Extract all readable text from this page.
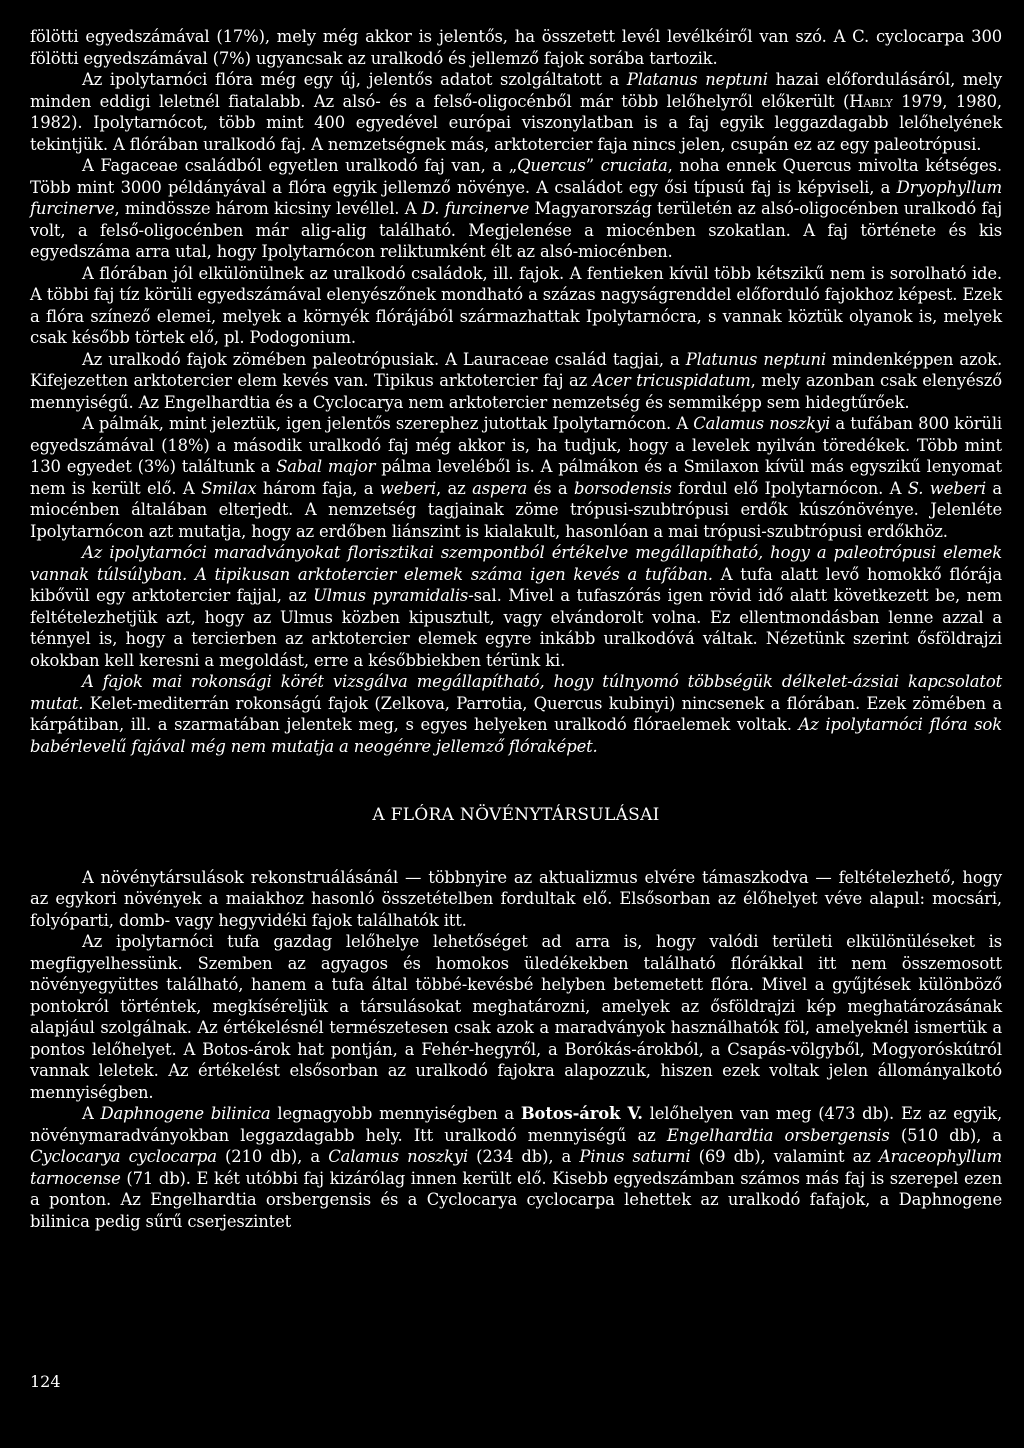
fölötti egyedszámával (17%), mely még akkor is jelentős, ha összetett levél levélkéiről van szó. A C. cyclocarpa 300 fölötti egyedszámával (7%) ugyancsak az uralkodó és jellemző fajok sorába tartozik.

Az ipolytarnóci flóra még egy új, jelentős adatot szolgáltatott a Platanus neptuni hazai előfordulásáról, mely minden eddigi leletnél fiatalabb. Az alsó- és a felső-oligocénből már több lelőhelyről előkerült (Hably 1979, 1980, 1982). Ipolytarnócot, több mint 400 egyedével európai viszonylatban is a faj egyik leggazdagabb lelőhelyének tekintjük. A flórában uralkodó faj. A nemzetségnek más, arktotercier faja nincs jelen, csupán ez az egy paleotrópusi.

A Fagaceae családból egyetlen uralkodó faj van, a „Quercus” cruciata, noha ennek Quercus mivolta kétséges. Több mint 3000 példányával a flóra egyik jellemző növénye. A családot egy ősi típusú faj is képviseli, a Dryophyllum furcinerve, mindössze három kicsiny levéllel. A D. furcinerve Magyarország területén az alsó-oligocénben uralkodó faj volt, a felső-oligocénben már alig-alig található. Megjelenése a miocénben szokatlan. A faj története és kis egyedszáma arra utal, hogy Ipolytarnócon reliktumként élt az alsó-miocénben.

A flórában jól elkülönülnek az uralkodó családok, ill. fajok. A fentieken kívül több kétszikű nem is sorolható ide. A többi faj tíz körüli egyedszámával elenyészőnek mondható a százas nagyságrenddel előforduló fajokhoz képest. Ezek a flóra színező elemei, melyek a környék flórájából származhattak Ipolytarnócra, s vannak köztük olyanok is, melyek csak később törtek elő, pl. Podogonium.

Az uralkodó fajok zömében paleotrópusiak. A Lauraceae család tagjai, a Platunus neptuni mindenképpen azok. Kifejezetten arktotercier elem kevés van. Tipikus arktotercier faj az Acer tricuspidatum, mely azonban csak elenyésző mennyiségű. Az Engelhardtia és a Cyclocarya nem arktotercier nemzetség és semmiképp sem hidegtűrőek.

A pálmák, mint jeleztük, igen jelentős szerephez jutottak Ipolytarnócon. A Calamus noszkyi a tufában 800 körüli egyedszámával (18%) a második uralkodó faj még akkor is, ha tudjuk, hogy a levelek nyilván töredékek. Több mint 130 egyedet (3%) találtunk a Sabal major pálma leveléből is. A pálmákon és a Smilaxon kívül más egyszikű lenyomat nem is került elő. A Smilax három faja, a weberi, az aspera és a borsodensis fordul elő Ipolytarnócon. A S. weberi a miocénben általában elterjedt. A nemzetség tagjainak zöme trópusi-szubtrópusi erdők kúszónövénye. Jelenléte Ipolytarnócon azt mutatja, hogy az erdőben liánszint is kialakult, hasonlóan a mai trópusi-szubtrópusi erdőkhöz.

Az ipolytarnóci maradványokat florisztikai szempontból értékelve megállapítható, hogy a paleotrópusi elemek vannak túlsúlyban. A tipikusan arktotercier elemek száma igen kevés a tufában. A tufa alatt levő homokkő flórája kibővül egy arktotercier fajjal, az Ulmus pyramidalis-sal. Mivel a tufaszórás igen rövid idő alatt következett be, nem feltételezhetjük azt, hogy az Ulmus közben kipusztult, vagy elvándorolt volna. Ez ellentmondásban lenne azzal a ténnyel is, hogy a tercierben az arktotercier elemek egyre inkább uralkodóvá váltak. Nézetünk szerint ősföldrajzi okokban kell keresni a megoldást, erre a későbbiekben térünk ki.

A fajok mai rokonsági körét vizsgálva megállapítható, hogy túlnyomó többségük délkelet-ázsiai kapcsolatot mutat. Kelet-mediterrán rokonságú fajok (Zelkova, Parrotia, Quercus kubinyi) nincsenek a flórában. Ezek zömében a kárpátiban, ill. a szarmatában jelentek meg, s egyes helyeken uralkodó flóraelemek voltak. Az ipolytarnóci flóra sok babérlevelű fajával még nem mutatja a neogénre jellemző flóraképet.

A FLÓRA NÖVÉNYTÁRSULÁSAI

A növénytársulások rekonstruálásánál — többnyire az aktualizmus elvére támaszkodva — feltételezhető, hogy az egykori növények a maiakhoz hasonló összetételben fordultak elő. Elsősorban az élőhelyet véve alapul: mocsári, folyóparti, domb- vagy hegyvidéki fajok találhatók itt.

Az ipolytarnóci tufa gazdag lelőhelye lehetőséget ad arra is, hogy valódi területi elkülönüléseket is megfigyelhessünk. Szemben az agyagos és homokos üledékekben található flórákkal itt nem összemosott növényegyüttes található, hanem a tufa által többé-kevésbé helyben betemetett flóra. Mivel a gyűjtések különböző pontokról történtek, megkíséreljük a társulásokat meghatározni, amelyek az ősföldrajzi kép meghatározásának alapjául szolgálnak. Az értékelésnél természetesen csak azok a maradványok használhatók föl, amelyeknél ismertük a pontos lelőhelyet. A Botos-árok hat pontján, a Fehér-hegyről, a Borókás-árokból, a Csapás-völgyből, Mogyoróskútról vannak leletek. Az értékelést elsősorban az uralkodó fajokra alapozzuk, hiszen ezek voltak jelen állományalkotó mennyiségben.

A Daphnogene bilinica legnagyobb mennyiségben a Botos-árok V. lelőhelyen van meg (473 db). Ez az egyik, növénymaradványokban leggazdagabb hely. Itt uralkodó mennyiségű az Engelhardtia orsbergensis (510 db), a Cyclocarya cyclocarpa (210 db), a Calamus noszkyi (234 db), a Pinus saturni (69 db), valamint az Araceophyllum tarnocense (71 db). E két utóbbi faj kizárólag innen került elő. Kisebb egyedszámban számos más faj is szerepel ezen a ponton. Az Engelhardtia orsbergensis és a Cyclocarya cyclocarpa lehettek az uralkodó fafajok, a Daphnogene bilinica pedig sűrű cserjeszintet

124
